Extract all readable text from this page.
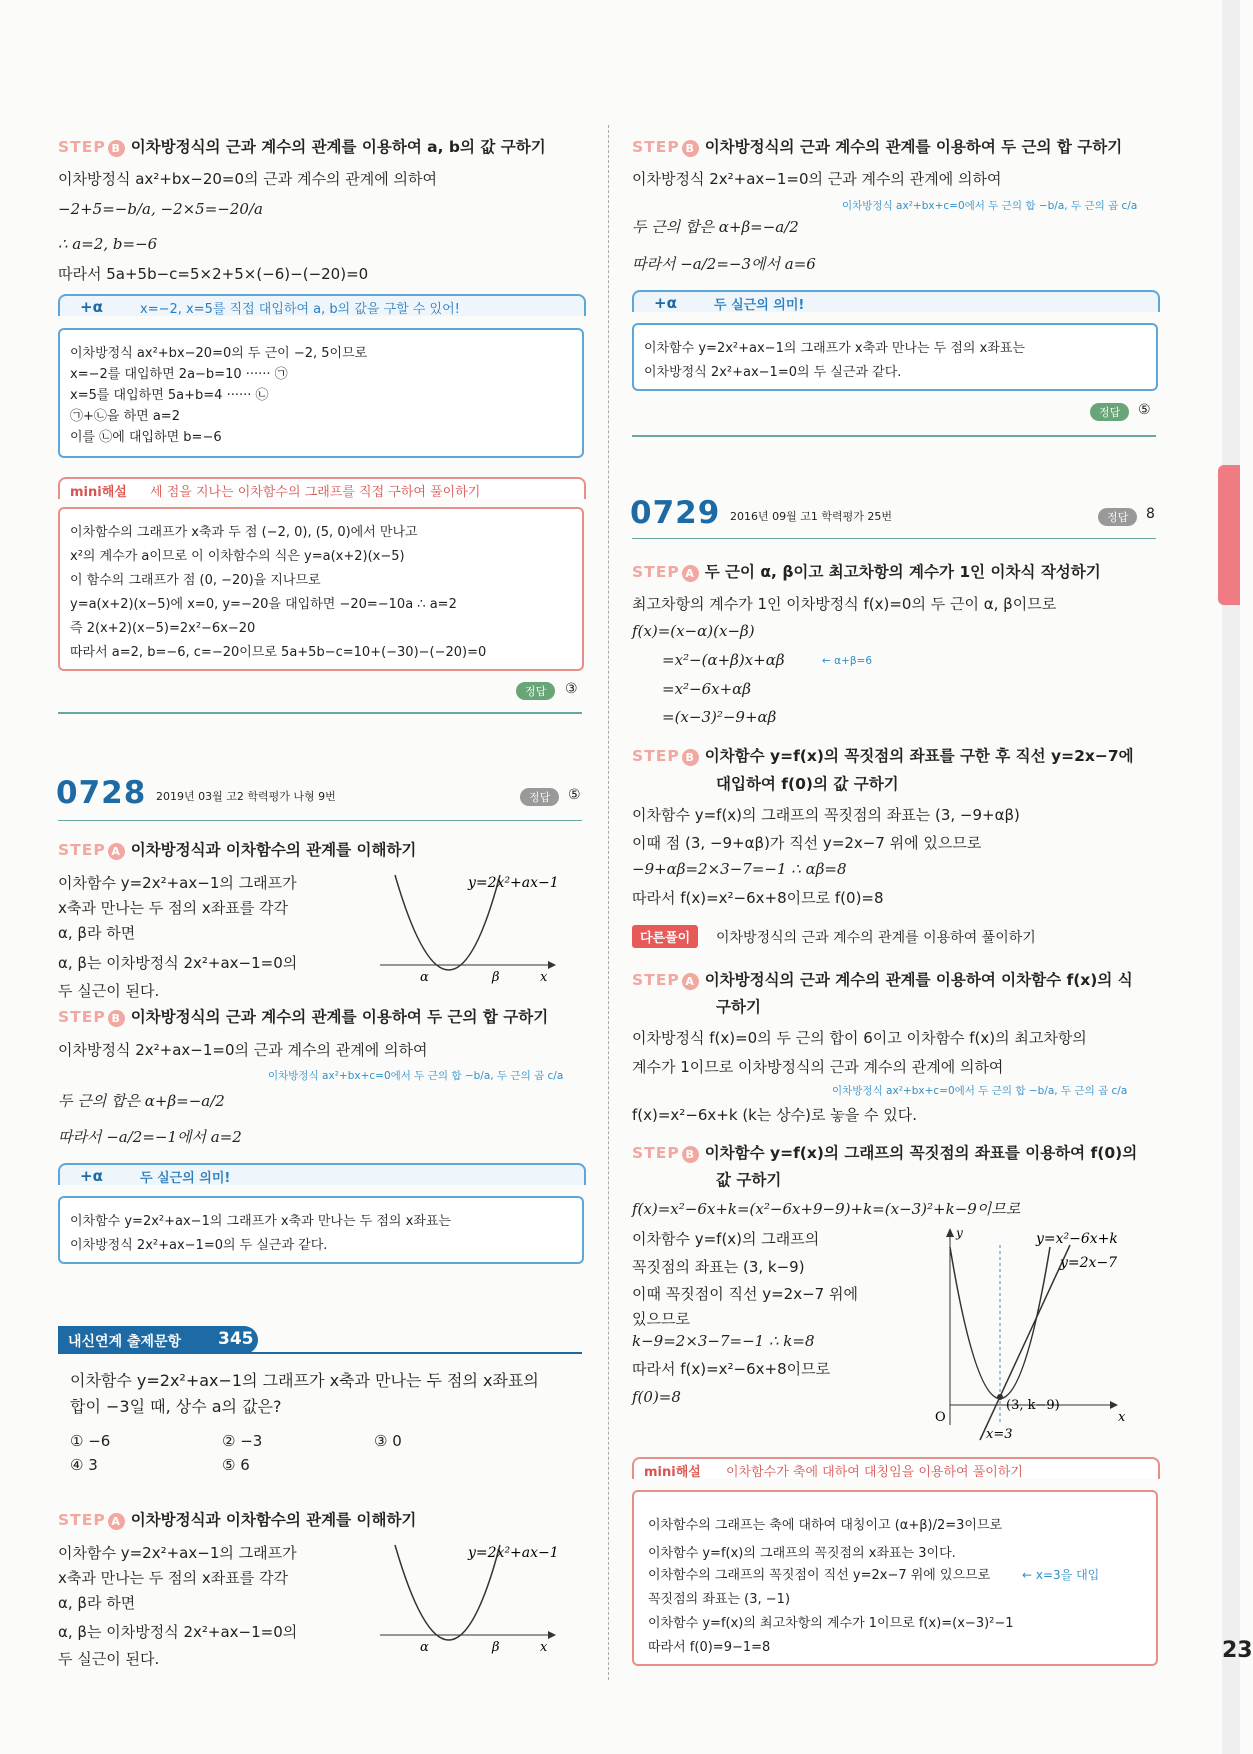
23
STEP B 이차방정식의 근과 계수의 관계를 이용하여 a, b의 값 구하기
이차방정식 ax²+bx−20=0의 근과 계수의 관계에 의하여
−2+5=−b/a, −2×5=−20/a
∴ a=2, b=−6
따라서 5a+5b−c=5×2+5×(−6)−(−20)=0
+α	x=−2, x=5를 직접 대입하여 a, b의 값을 구할 수 있어!
이차방정식 ax²+bx−20=0의 두 근이 −2, 5이므로
x=−2를 대입하면 2a−b=10 ······ ㉠
x=5를 대입하면 5a+b=4 ······ ㉡
㉠+㉡을 하면 a=2
이를 ㉡에 대입하면 b=−6
mini해설 세 점을 지나는 이차함수의 그래프를 직접 구하여 풀이하기
이차함수의 그래프가 x축과 두 점 (−2, 0), (5, 0)에서 만나고
x²의 계수가 a이므로 이 이차함수의 식은 y=a(x+2)(x−5)
이 함수의 그래프가 점 (0, −20)을 지나므로
y=a(x+2)(x−5)에 x=0, y=−20을 대입하면 −20=−10a ∴ a=2
즉 2(x+2)(x−5)=2x²−6x−20
따라서 a=2, b=−6, c=−20이므로 5a+5b−c=10+(−30)−(−20)=0
정답	③
0728 2019년 03월 고2 학력평가 나형 9번	정답	⑤
STEP A 이차방정식과 이차함수의 관계를 이해하기
이차함수 y=2x²+ax−1의 그래프가
x축과 만나는 두 점의 x좌표를 각각
α, β라 하면
α, β는 이차방정식 2x²+ax−1=0의
두 실근이 된다.
α	β	x
y=2x²+ax−1
STEP B 이차방정식의 근과 계수의 관계를 이용하여 두 근의 합 구하기
이차방정식 2x²+ax−1=0의 근과 계수의 관계에 의하여
이차방정식 ax²+bx+c=0에서 두 근의 합 −b/a, 두 근의 곱 c/a
두 근의 합은 α+β=−a/2
따라서 −a/2=−1에서 a=2
+α	두 실근의 의미!
이차함수 y=2x²+ax−1의 그래프가 x축과 만나는 두 점의 x좌표는
이차방정식 2x²+ax−1=0의 두 실근과 같다.
내신연계 출제문항 345
이차함수 y=2x²+ax−1의 그래프가 x축과 만나는 두 점의 x좌표의
합이 −3일 때, 상수 a의 값은?
① −6	② −3	③ 0
④ 3	⑤ 6
STEP A 이차방정식과 이차함수의 관계를 이해하기
이차함수 y=2x²+ax−1의 그래프가
x축과 만나는 두 점의 x좌표를 각각
α, β라 하면
α, β는 이차방정식 2x²+ax−1=0의
두 실근이 된다.
α	β	x
y=2x²+ax−1
STEP B 이차방정식의 근과 계수의 관계를 이용하여 두 근의 합 구하기
이차방정식 2x²+ax−1=0의 근과 계수의 관계에 의하여
이차방정식 ax²+bx+c=0에서 두 근의 합 −b/a, 두 근의 곱 c/a
두 근의 합은 α+β=−a/2
따라서 −a/2=−3에서 a=6
+α	두 실근의 의미!
이차함수 y=2x²+ax−1의 그래프가 x축과 만나는 두 점의 x좌표는
이차방정식 2x²+ax−1=0의 두 실근과 같다.
정답	⑤
0729 2016년 09월 고1 학력평가 25번	정답	8
STEP A 두 근이 α, β이고 최고차항의 계수가 1인 이차식 작성하기
최고차항의 계수가 1인 이차방정식 f(x)=0의 두 근이 α, β이므로
f(x)=(x−α)(x−β)
=x²−(α+β)x+αβ	← α+β=6
=x²−6x+αβ
=(x−3)²−9+αβ
STEP B 이차함수 y=f(x)의 꼭짓점의 좌표를 구한 후 직선 y=2x−7에
대입하여 f(0)의 값 구하기
이차함수 y=f(x)의 그래프의 꼭짓점의 좌표는 (3, −9+αβ)
이때 점 (3, −9+αβ)가 직선 y=2x−7 위에 있으므로
−9+αβ=2×3−7=−1 ∴ αβ=8
따라서 f(x)=x²−6x+8이므로 f(0)=8
다른풀이	이차방정식의 근과 계수의 관계를 이용하여 풀이하기
STEP A 이차방정식의 근과 계수의 관계를 이용하여 이차함수 f(x)의 식
구하기
이차방정식 f(x)=0의 두 근의 합이 6이고 이차함수 f(x)의 최고차항의
계수가 1이므로 이차방정식의 근과 계수의 관계에 의하여
이차방정식 ax²+bx+c=0에서 두 근의 합 −b/a, 두 근의 곱 c/a
f(x)=x²−6x+k (k는 상수)로 놓을 수 있다.
STEP B 이차함수 y=f(x)의 그래프의 꼭짓점의 좌표를 이용하여 f(0)의
값 구하기
f(x)=x²−6x+k=(x²−6x+9−9)+k=(x−3)²+k−9이므로
이차함수 y=f(x)의 그래프의
꼭짓점의 좌표는 (3, k−9)
이때 꼭짓점이 직선 y=2x−7 위에
있으므로
k−9=2×3−7=−1 ∴ k=8
따라서 f(x)=x²−6x+8이므로
f(0)=8
y
x
O
y=x²−6x+k
y=2x−7
(3, k−9)
x=3
mini해설 이차함수가 축에 대하여 대칭임을 이용하여 풀이하기
이차함수의 그래프는 축에 대하여 대칭이고 (α+β)/2=3이므로
이차함수 y=f(x)의 그래프의 꼭짓점의 x좌표는 3이다.
이차함수의 그래프의 꼭짓점이 직선 y=2x−7 위에 있으므로	← x=3을 대입
꼭짓점의 좌표는 (3, −1)
이차함수 y=f(x)의 최고차항의 계수가 1이므로 f(x)=(x−3)²−1
따라서 f(0)=9−1=8
